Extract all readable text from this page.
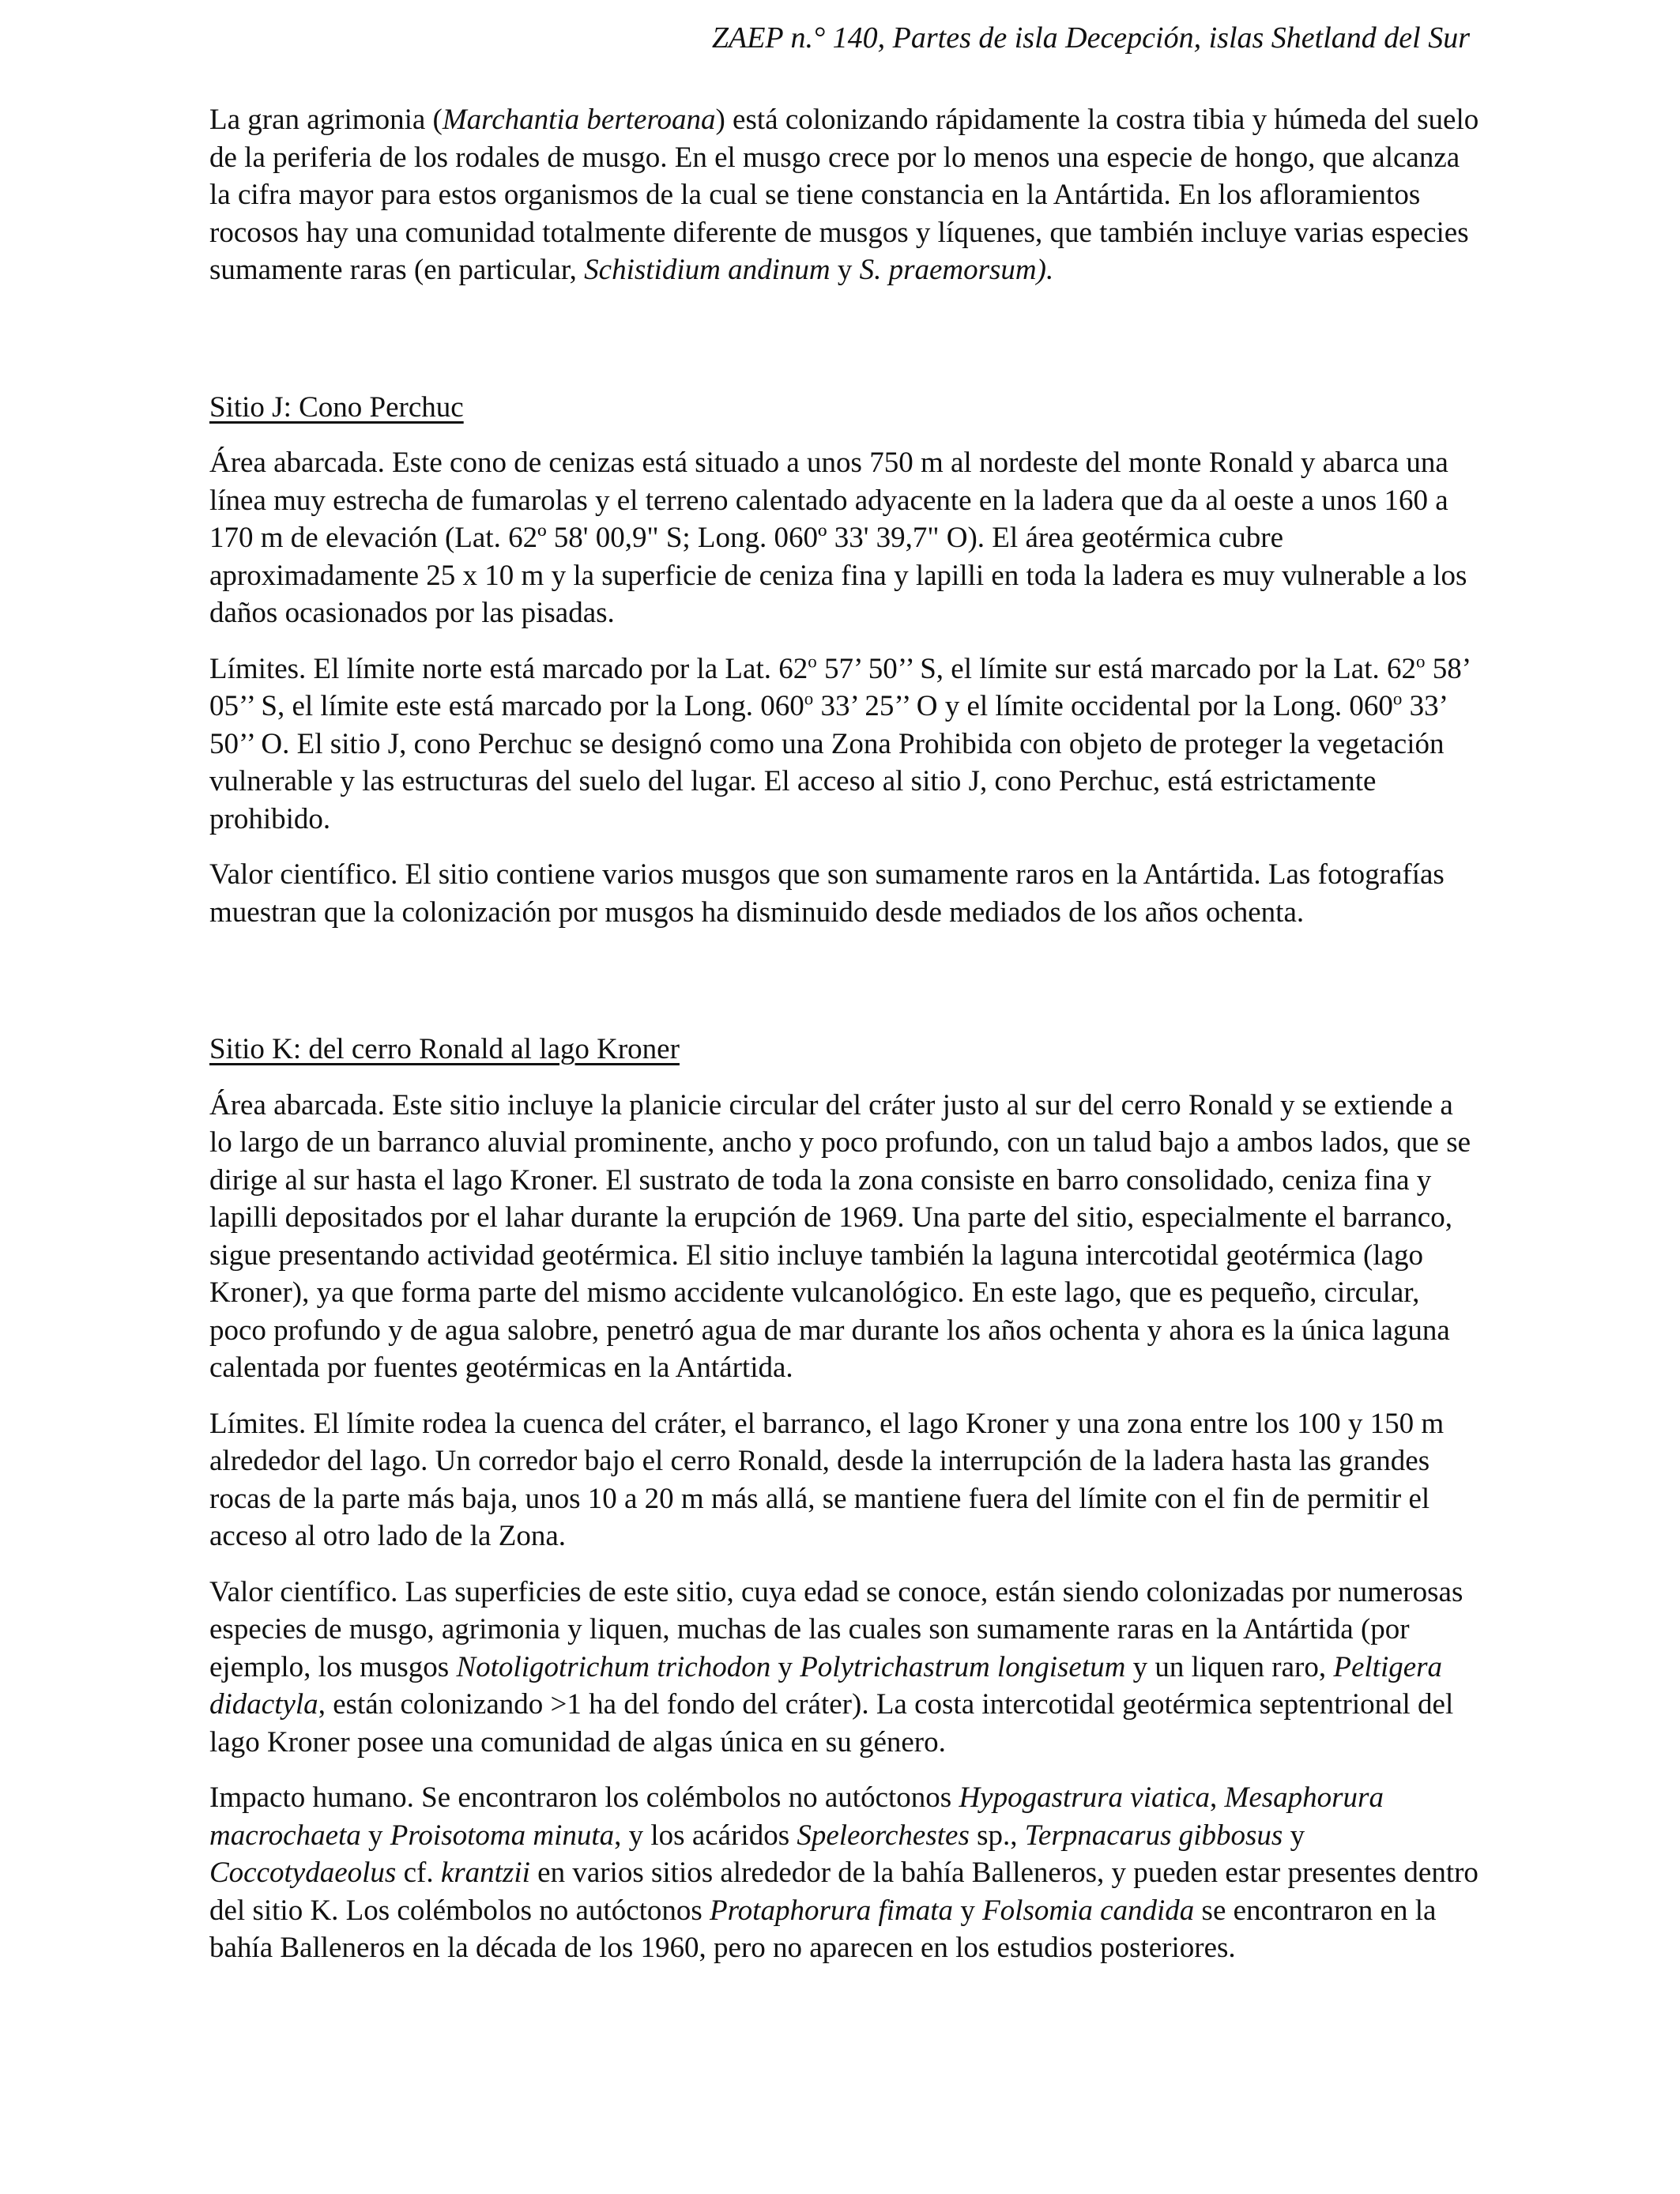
ZAEP n.° 140, Partes de isla Decepción, islas Shetland del Sur

La gran agrimonia (Marchantia berteroana) está colonizando rápidamente la costra tibia y húmeda del suelo de la periferia de los rodales de musgo. En el musgo crece por lo menos una especie de hongo, que alcanza la cifra mayor para estos organismos de la cual se tiene constancia en la Antártida. En los afloramientos rocosos hay una comunidad totalmente diferente de musgos y líquenes, que también incluye varias especies sumamente raras (en particular, Schistidium andinum y S. praemorsum).

Sitio J: Cono Perchuc

Área abarcada. Este cono de cenizas está situado a unos 750 m al nordeste del monte Ronald y abarca una línea muy estrecha de fumarolas y el terreno calentado adyacente en la ladera que da al oeste a unos 160 a 170 m de elevación (Lat. 62º 58' 00,9" S; Long. 060º 33' 39,7" O). El área geotérmica cubre aproximadamente 25 x 10 m y la superficie de ceniza fina y lapilli en toda la ladera es muy vulnerable a los daños ocasionados por las pisadas.

Límites. El límite norte está marcado por la Lat. 62$^o$ 57’ 50’’ S, el límite sur está marcado por la Lat. 62$^o$ 58’ 05’’ S, el límite este está marcado por la Long. 060$^o$ 33’ 25’’ O y el límite occidental por la Long. 060$^o$ 33’ 50’’ O. El sitio J, cono Perchuc se designó como una Zona Prohibida con objeto de proteger la vegetación vulnerable y las estructuras del suelo del lugar. El acceso al sitio J, cono Perchuc, está estrictamente prohibido.

Valor científico. El sitio contiene varios musgos que son sumamente raros en la Antártida. Las fotografías muestran que la colonización por musgos ha disminuido desde mediados de los años ochenta.

Sitio K: del cerro Ronald al lago Kroner

Área abarcada. Este sitio incluye la planicie circular del cráter justo al sur del cerro Ronald y se extiende a lo largo de un barranco aluvial prominente, ancho y poco profundo, con un talud bajo a ambos lados, que se dirige al sur hasta el lago Kroner. El sustrato de toda la zona consiste en barro consolidado, ceniza fina y lapilli depositados por el lahar durante la erupción de 1969. Una parte del sitio, especialmente el barranco, sigue presentando actividad geotérmica. El sitio incluye también la laguna intercotidal geotérmica (lago Kroner), ya que forma parte del mismo accidente vulcanológico. En este lago, que es pequeño, circular, poco profundo y de agua salobre, penetró agua de mar durante los años ochenta y ahora es la única laguna calentada por fuentes geotérmicas en la Antártida.

Límites. El límite rodea la cuenca del cráter, el barranco, el lago Kroner y una zona entre los 100 y 150 m alrededor del lago. Un corredor bajo el cerro Ronald, desde la interrupción de la ladera hasta las grandes rocas de la parte más baja, unos 10 a 20 m más allá, se mantiene fuera del límite con el fin de permitir el acceso al otro lado de la Zona.

Valor científico. Las superficies de este sitio, cuya edad se conoce, están siendo colonizadas por numerosas especies de musgo, agrimonia y liquen, muchas de las cuales son sumamente raras en la Antártida (por ejemplo, los musgos Notoligotrichum trichodon y Polytrichastrum longisetum y un liquen raro, Peltigera didactyla, están colonizando >1 ha del fondo del cráter). La costa intercotidal geotérmica septentrional del lago Kroner posee una comunidad de algas única en su género.

Impacto humano. Se encontraron los colémbolos no autóctonos Hypogastrura viatica, Mesaphorura macrochaeta y Proisotoma minuta, y los acáridos Speleorchestes sp., Terpnacarus gibbosus y Coccotydaeolus cf. krantzii en varios sitios alrededor de la bahía Balleneros, y pueden estar presentes dentro del sitio K. Los colémbolos no autóctonos Protaphorura fimata y Folsomia candida se encontraron en la bahía Balleneros en la década de los 1960, pero no aparecen en los estudios posteriores.
